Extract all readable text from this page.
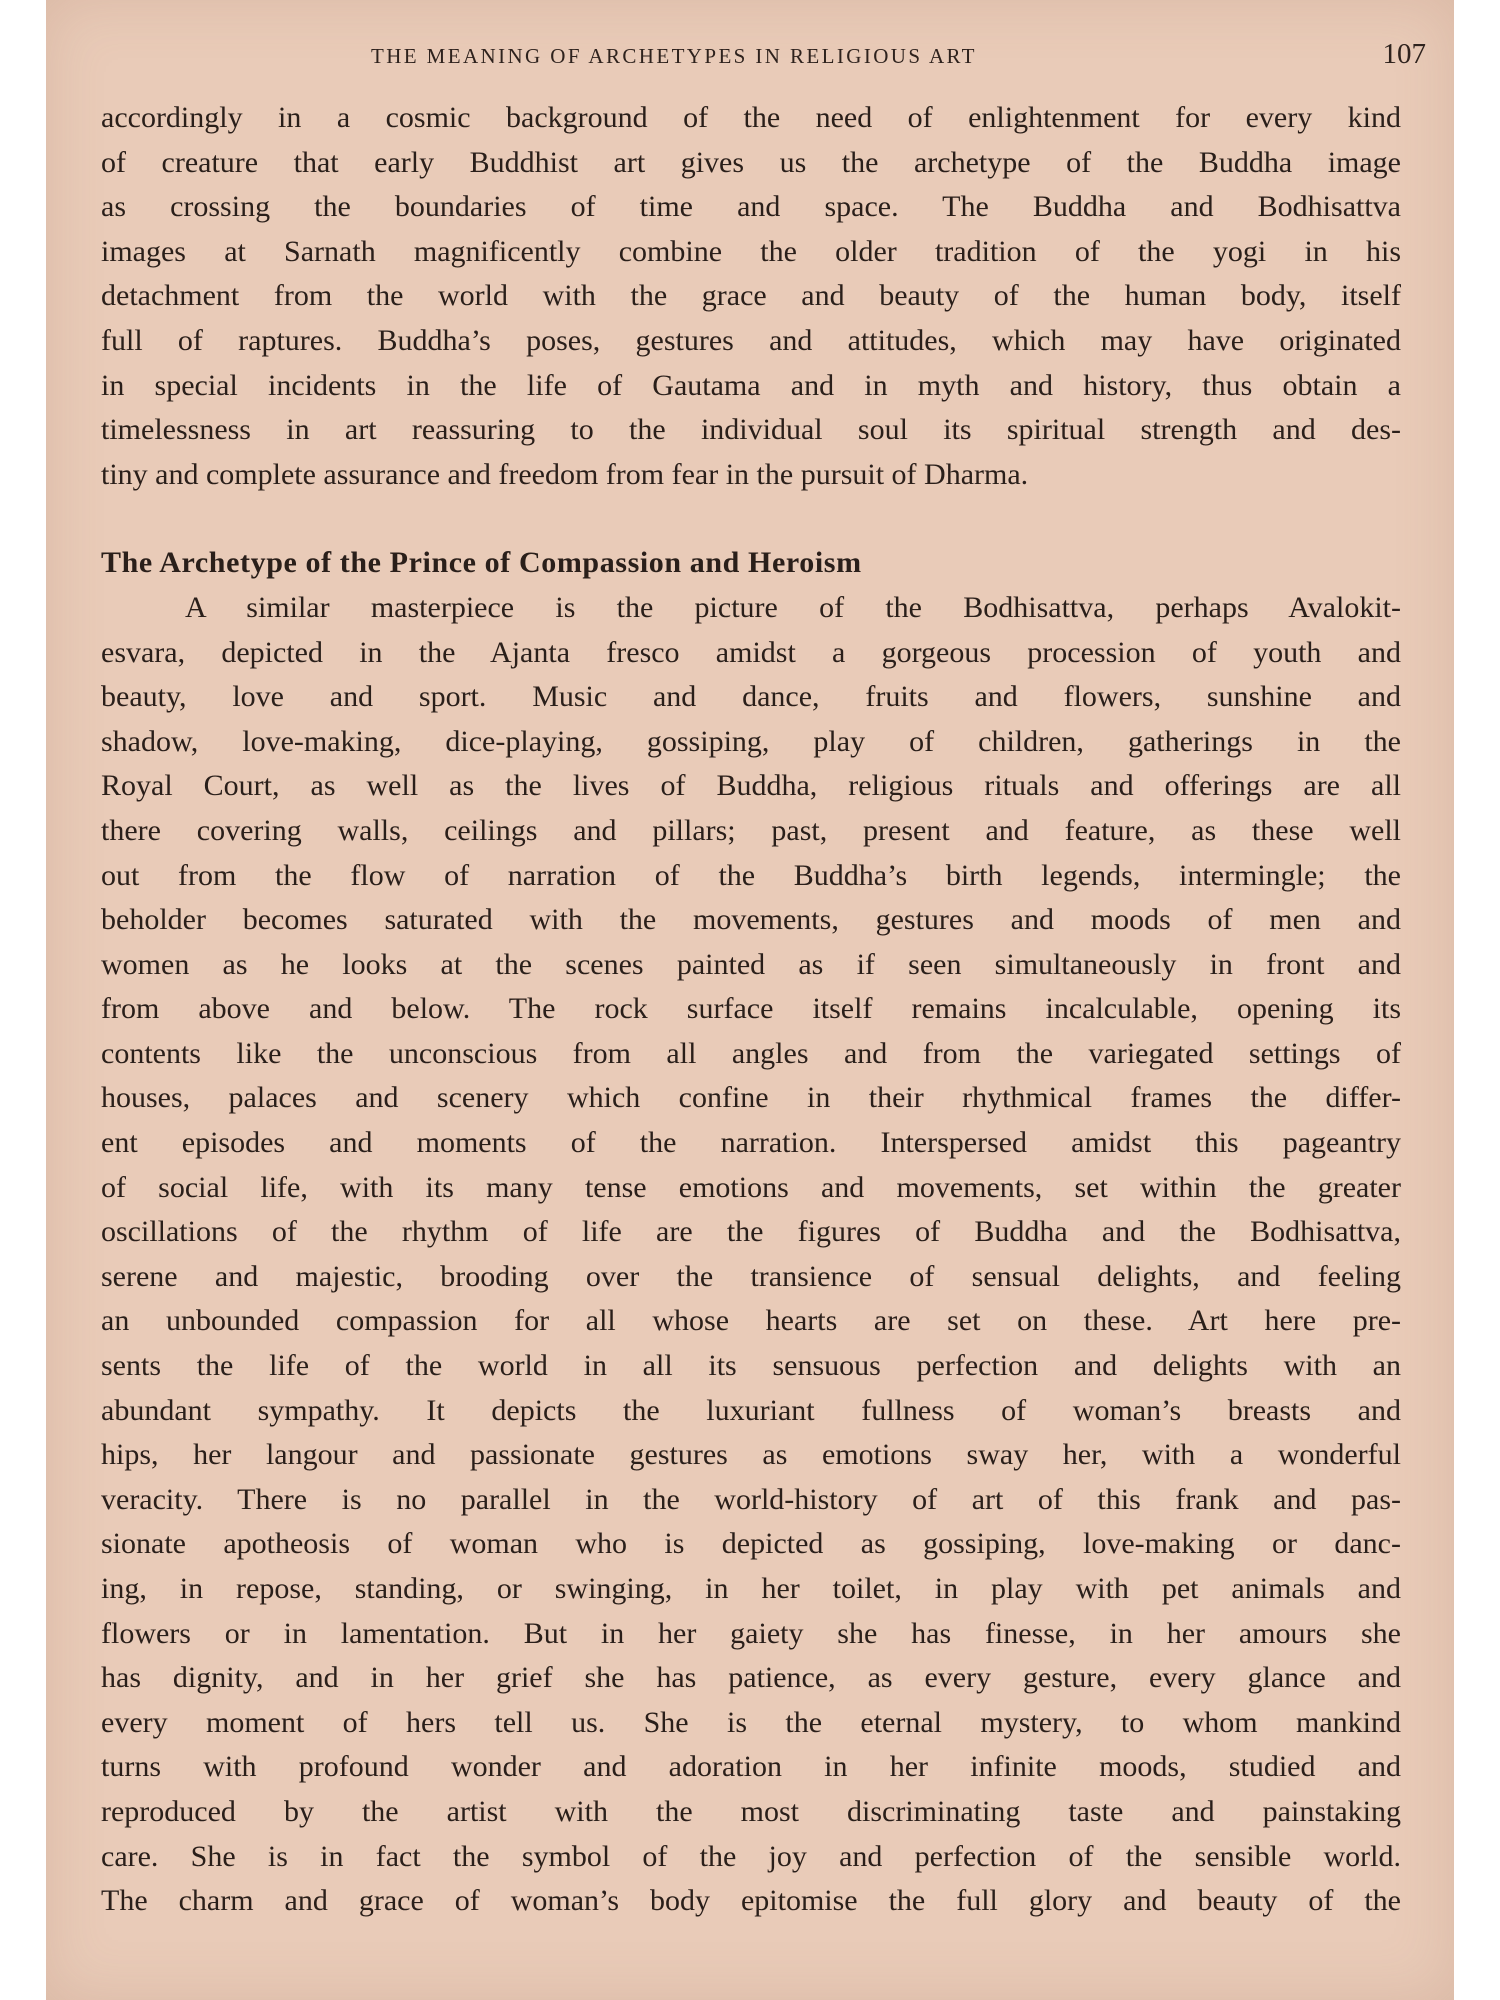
THE MEANING OF ARCHETYPES IN RELIGIOUS ART	107
accordingly in a cosmic background of the need of enlightenment for every kind
of creature that early Buddhist art gives us the archetype of the Buddha image
as crossing the boundaries of time and space. The Buddha and Bodhisattva
images at Sarnath magnificently combine the older tradition of the yogi in his
detachment from the world with the grace and beauty of the human body, itself
full of raptures. Buddha’s poses, gestures and attitudes, which may have originated
in special incidents in the life of Gautama and in myth and history, thus obtain a
timelessness in art reassuring to the individual soul its spiritual strength and des-
tiny and complete assurance and freedom from fear in the pursuit of Dharma.
The Archetype of the Prince of Compassion and Heroism
A similar masterpiece is the picture of the Bodhisattva, perhaps Avalokit-
esvara, depicted in the Ajanta fresco amidst a gorgeous procession of youth and
beauty, love and sport. Music and dance, fruits and flowers, sunshine and
shadow, love-making, dice-playing, gossiping, play of children, gatherings in the
Royal Court, as well as the lives of Buddha, religious rituals and offerings are all
there covering walls, ceilings and pillars; past, present and feature, as these well
out from the flow of narration of the Buddha’s birth legends, intermingle; the
beholder becomes saturated with the movements, gestures and moods of men and
women as he looks at the scenes painted as if seen simultaneously in front and
from above and below. The rock surface itself remains incalculable, opening its
contents like the unconscious from all angles and from the variegated settings of
houses, palaces and scenery which confine in their rhythmical frames the differ-
ent episodes and moments of the narration. Interspersed amidst this pageantry
of social life, with its many tense emotions and movements, set within the greater
oscillations of the rhythm of life are the figures of Buddha and the Bodhisattva,
serene and majestic, brooding over the transience of sensual delights, and feeling
an unbounded compassion for all whose hearts are set on these. Art here pre-
sents the life of the world in all its sensuous perfection and delights with an
abundant sympathy. It depicts the luxuriant fullness of woman’s breasts and
hips, her langour and passionate gestures as emotions sway her, with a wonderful
veracity. There is no parallel in the world-history of art of this frank and pas-
sionate apotheosis of woman who is depicted as gossiping, love-making or danc-
ing, in repose, standing, or swinging, in her toilet, in play with pet animals and
flowers or in lamentation. But in her gaiety she has finesse, in her amours she
has dignity, and in her grief she has patience, as every gesture, every glance and
every moment of hers tell us. She is the eternal mystery, to whom mankind
turns with profound wonder and adoration in her infinite moods, studied and
reproduced by the artist with the most discriminating taste and painstaking
care. She is in fact the symbol of the joy and perfection of the sensible world.
The charm and grace of woman’s body epitomise the full glory and beauty of the
